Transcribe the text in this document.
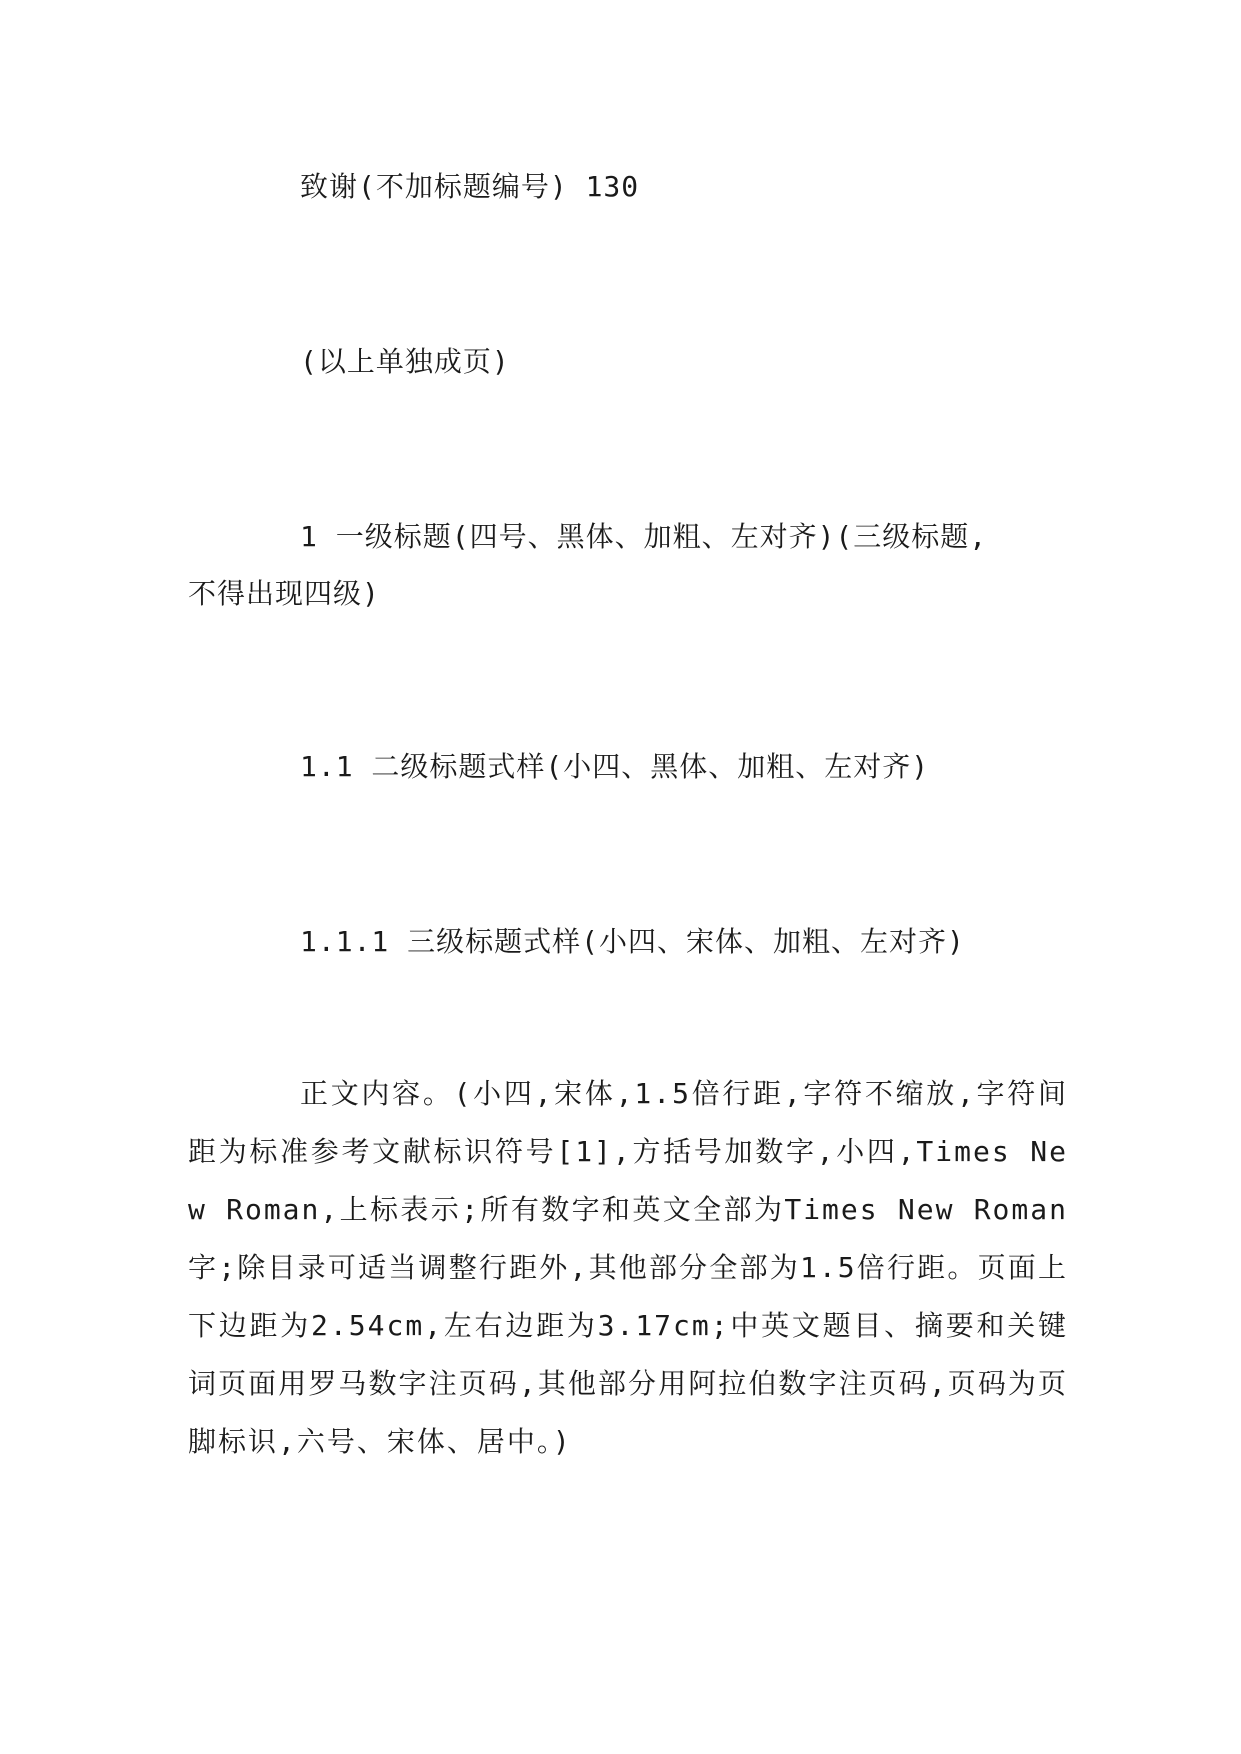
致谢(不加标题编号) 130
(以上单独成页)
1 一级标题(四号、黑体、加粗、左对齐)(三级标题,
不得出现四级)
1.1 二级标题式样(小四、黑体、加粗、左对齐)
1.1.1 三级标题式样(小四、宋体、加粗、左对齐)
正文内容。(小四,宋体,1.5倍行距,字符不缩放,字符间距为标准参考文献标识符号[1],方括号加数字,小四,Times New Roman,上标表示;所有数字和英文全部为Times New Roman字;除目录可适当调整行距外,其他部分全部为1.5倍行距。页面上下边距为2.54cm,左右边距为3.17cm;中英文题目、摘要和关键词页面用罗马数字注页码,其他部分用阿拉伯数字注页码,页码为页脚标识,六号、宋体、居中。)
